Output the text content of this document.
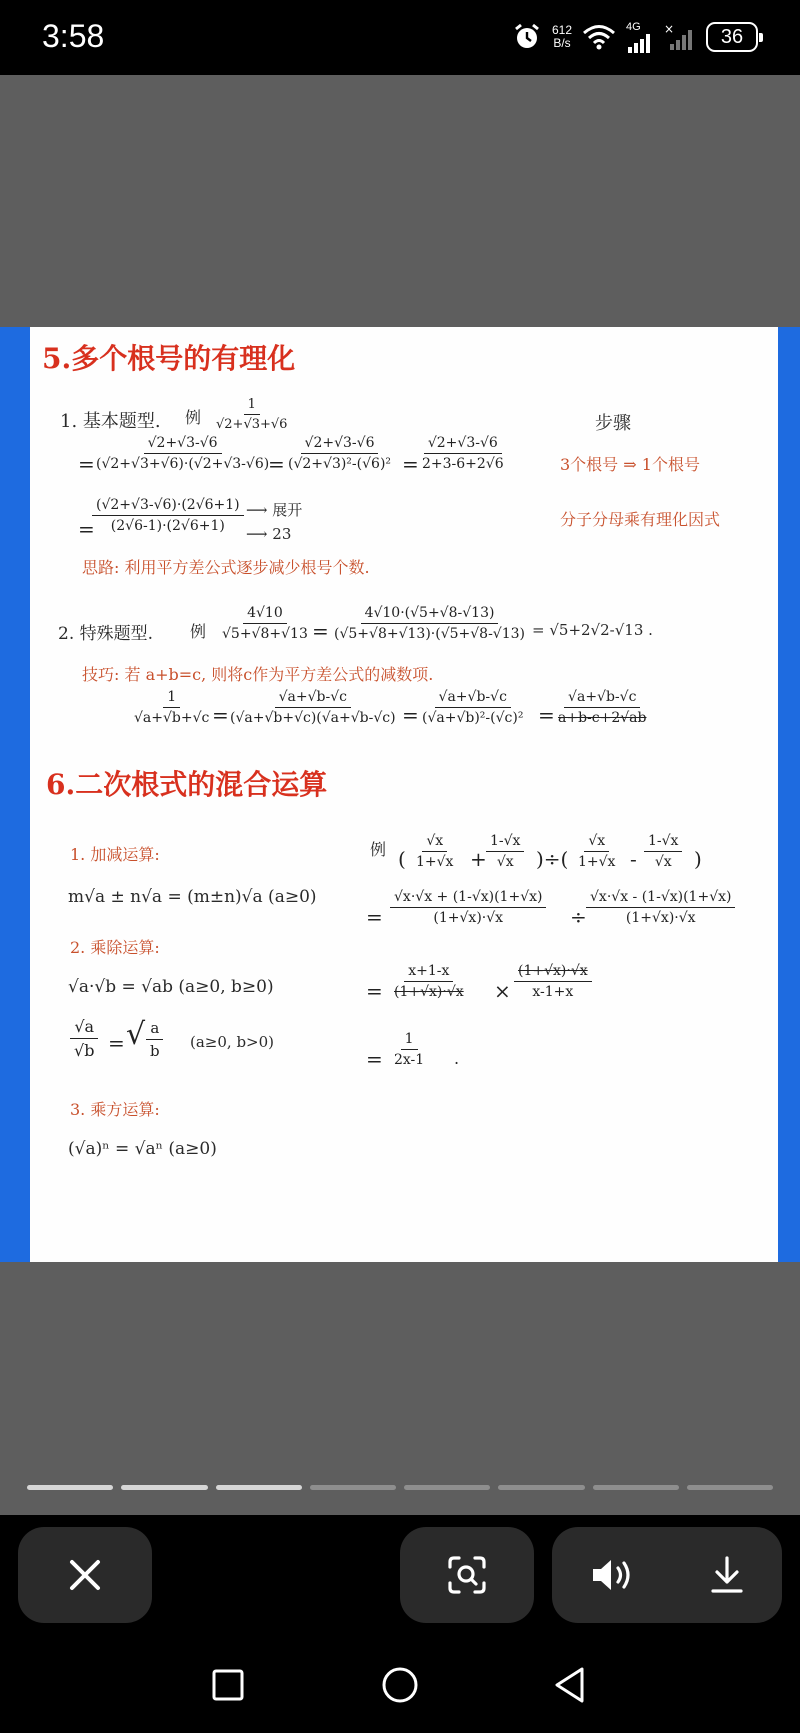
3:58	612
B/s
4G ×	36
5.多个根号的有理化
1. 基本题型. 例 $\frac{1}{√2+√3+√6}$	步骤
=
$\frac{√2+√3-√6}{(√2+√3+√6)\cdot(√2+√3-√6)}$
= $\frac{√2+√3-√6}{\text{(√2+√3)²-(√6)²}} = \frac{√2+√3-√6}{2+3-6+2√6}$	3个根号 ⇒ 1个根号
=
$\frac{(√2+√3-√6)\cdot(2√6+1)}{(2√6-1)\cdot(2√6+1)}$ ⟶ 展开
⟶ 23
分子分母乘有理化因式
思路: 利用平方差公式逐步减少根号个数.
2. 特殊题型. 例 $\frac{4√10}{√5+√8+√13} = \frac{4√10\cdot(√5+√8-√13)}{(√5+√8+√13)\cdot(√5+√8-√13)} = √5+2√2-√13$ .
技巧: 若 a+b=c, 则将c作为平方差公式的减数项.
$\frac{1}{√a+√b+√c}$
=
$\frac{√a+√b-√c}{(√a+√b+√c)(√a+√b-√c)} = \frac{√a+√b-√c}{\text{(√a+√b)²-(√c)²}} = \frac{√a+√b-√c}{a+b-c+2√ab}$
6.二次根式的混合运算
1. 加减运算:
m√a ± n√a = (m±n)√a (a≥0)
2. 乘除运算:
√a·√b = √ab (a≥0, b≥0)
$\frac{√a}{√b}$ = √ $\frac{a}{b} (a\ge 0$, b>0)
3. 乘方运算:
(√a)ⁿ = √aⁿ (a≥0)
例 ( $\frac{√x}{1+√x} + \frac{1-√x}{√x}$ )÷( $\frac{√x}{1+√x} - \frac{1-√x}{√x}$ )
= $\frac{√x\cdot√x + (1-√x)(1+√x)}{(1+√x)\cdot√x} \div \frac{√x\cdot√x - (1-√x)(1+√x)}{(1+√x)\cdot√x}$
= $\frac{x+1-x}{(1+√x)\cdot√x} \times \frac{(1+√x)\cdot√x}{x-1+x}$
= $\frac{1}{2x-1}$ .
